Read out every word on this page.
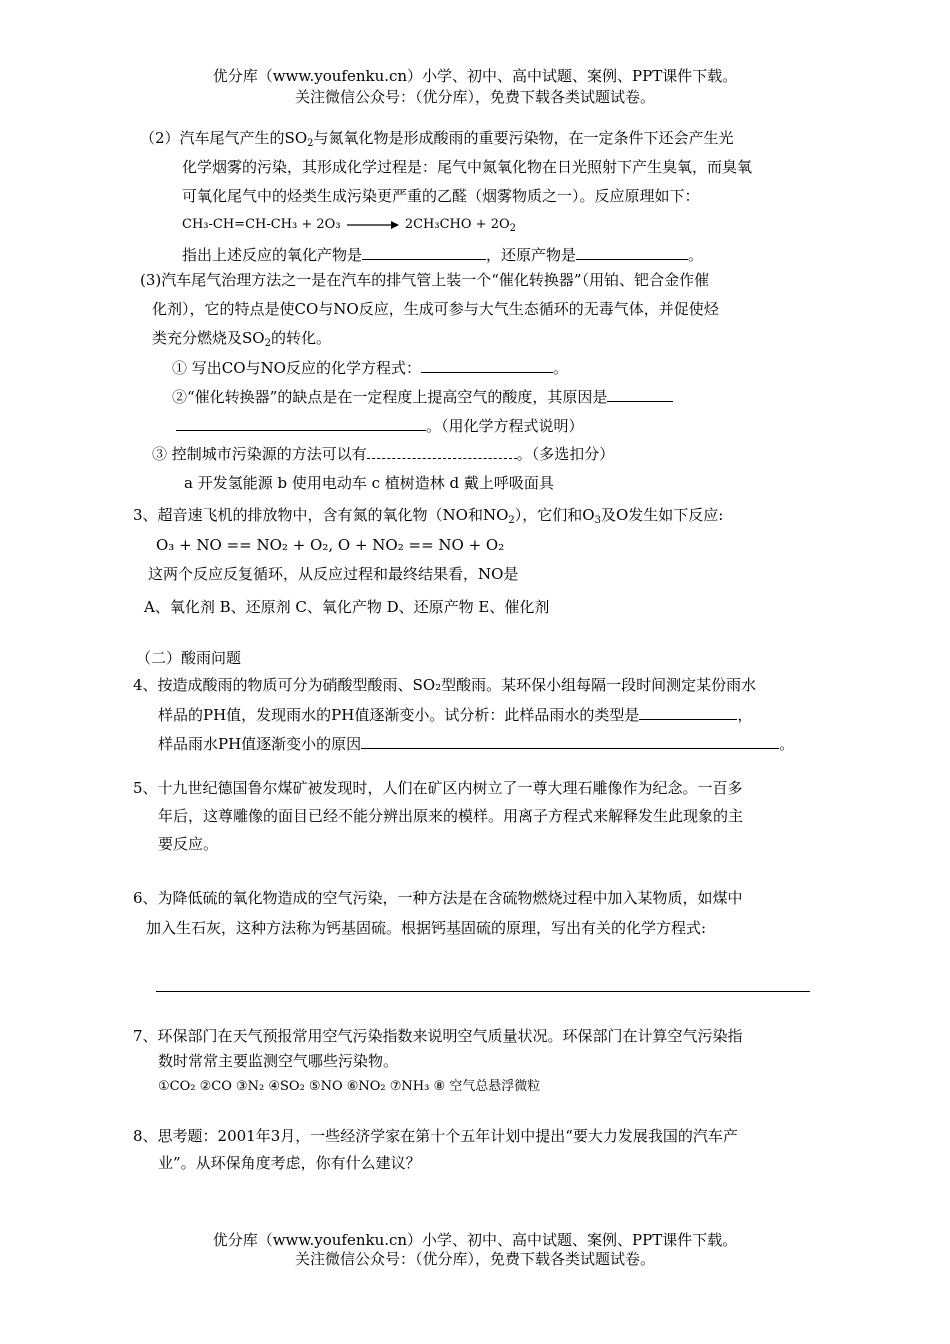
优分库（www.youfenku.cn）小学、初中、高中试题、案例、PPT课件下载。
关注微信公众号：（优分库），免费下载各类试题试卷。
（2）汽车尾气产生的$SO_2$与氮氧化物是形成酸雨的重要污染物，在一定条件下还会产生光
化学烟雾的污染，其形成化学过程是：尾气中氮氧化物在日光照射下产生臭氧，而臭氧
可氧化尾气中的烃类生成污染更严重的乙醛（烟雾物质之一）。反应原理如下：
CH₃-CH=CH-CH₃ + 2O₃	$2CH_3CHO + 2O_2$
指出上述反应的氧化产物是	，还原产物是	。
(3)汽车尾气治理方法之一是在汽车的排气管上装一个“催化转换器”（用铂、钯合金作催
化剂），它的特点是使CO与NO反应，生成可参与大气生态循环的无毒气体，并促使烃
类充分燃烧及$SO_2$的转化。
① 写出CO与NO反应的化学方程式：	。
②“催化转换器”的缺点是在一定程度上提高空气的酸度，其原因是
。（用化学方程式说明）
③ 控制城市污染源的方法可以有	。（多选扣分）
a 开发氢能源 b 使用电动车 c 植树造林 d 戴上呼吸面具
3、超音速飞机的排放物中，含有氮的氧化物（NO和$NO_2$），它们和$O_3$及O发生如下反应:
O₃ + NO == NO₂ + O₂, O + NO₂ == NO + O₂
这两个反应反复循环，从反应过程和最终结果看，NO是
A、氧化剂 B、还原剂 C、氧化产物 D、还原产物 E、催化剂
（二）酸雨问题
4、按造成酸雨的物质可分为硝酸型酸雨、SO₂型酸雨。某环保小组每隔一段时间测定某份雨水
样品的PH值，发现雨水的PH值逐渐变小。试分析：此样品雨水的类型是	，
样品雨水PH值逐渐变小的原因	。
5、十九世纪德国鲁尔煤矿被发现时，人们在矿区内树立了一尊大理石雕像作为纪念。一百多
年后，这尊雕像的面目已经不能分辨出原来的模样。用离子方程式来解释发生此现象的主
要反应。
6、为降低硫的氧化物造成的空气污染，一种方法是在含硫物燃烧过程中加入某物质，如煤中
加入生石灰，这种方法称为钙基固硫。根据钙基固硫的原理，写出有关的化学方程式:
7、环保部门在天气预报常用空气污染指数来说明空气质量状况。环保部门在计算空气污染指
数时常常主要监测空气哪些污染物。
①CO₂ ②CO ③N₂ ④SO₂ ⑤NO ⑥NO₂ ⑦NH₃ ⑧ 空气总悬浮微粒
8、思考题：2001年3月，一些经济学家在第十个五年计划中提出“要大力发展我国的汽车产
业”。从环保角度考虑，你有什么建议？
优分库（www.youfenku.cn）小学、初中、高中试题、案例、PPT课件下载。
关注微信公众号：（优分库），免费下载各类试题试卷。
